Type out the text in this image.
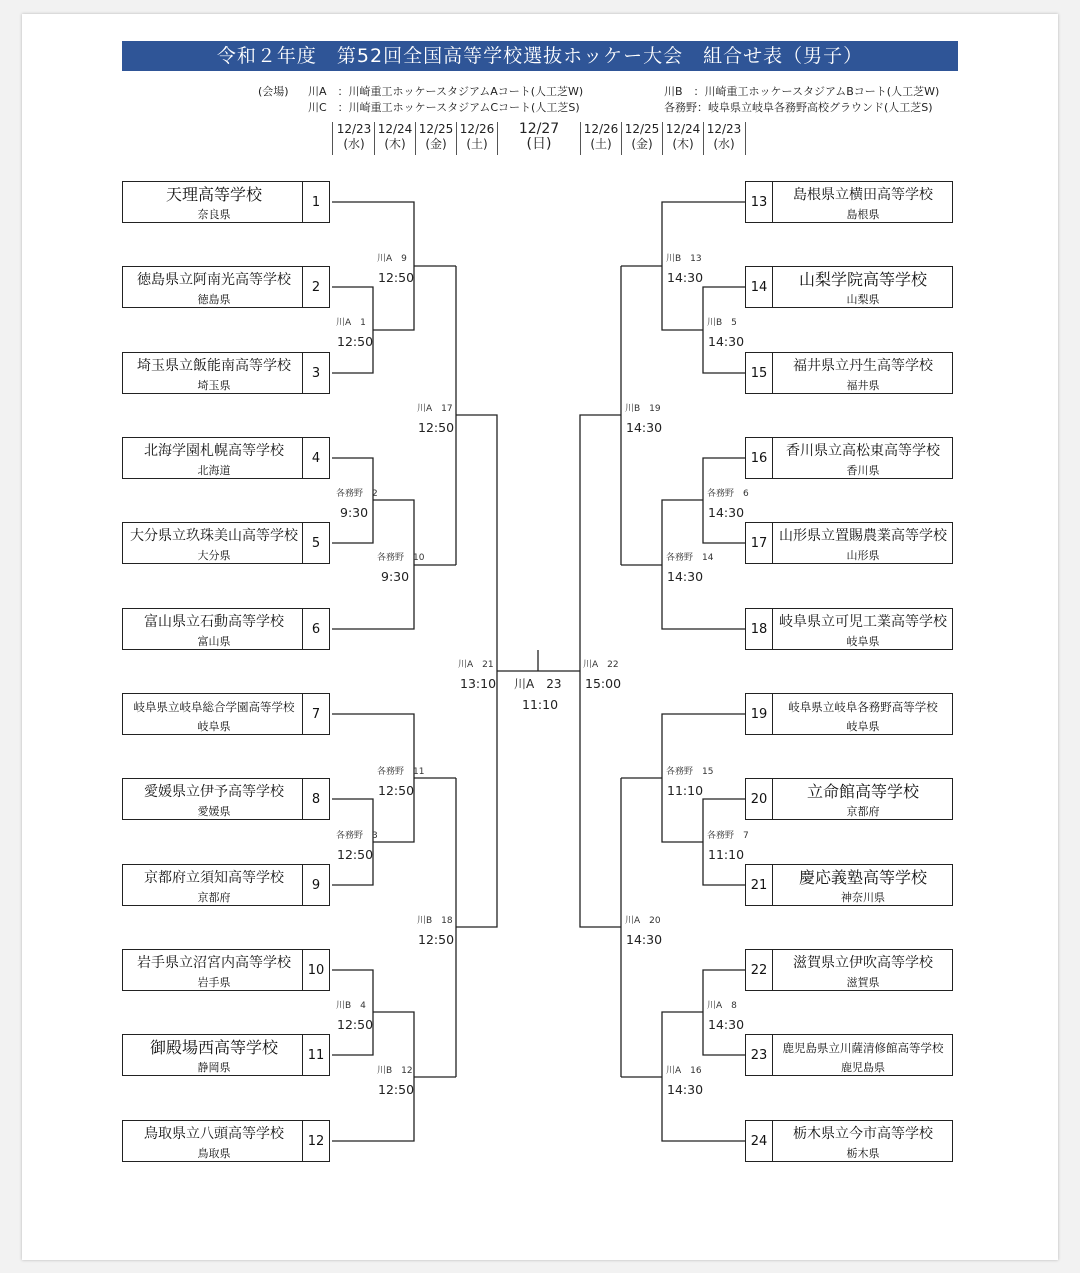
令和２年度　第52回全国高等学校選抜ホッケー大会　組合せ表（男子）
(会場) 川A　：川崎重工ホッケースタジアムAコート(人工芝W)
川C　：川崎重工ホッケースタジアムCコート(人工芝S)
川B　：川崎重工ホッケースタジアムBコート(人工芝W)
各務野：岐阜県立岐阜各務野高校グラウンド(人工芝S)
12/23
(水)
12/24
(木)
12/25
(金)
12/26
(土)
12/27
(日)
12/26
(土)
12/25
(金)
12/24
(木)
12/23
(水)
天理高等学校
奈良県
1
徳島県立阿南光高等学校
徳島県
2
埼玉県立飯能南高等学校
埼玉県
3
北海学園札幌高等学校
北海道
4
大分県立玖珠美山高等学校
大分県
5
富山県立石動高等学校
富山県
6
岐阜県立岐阜総合学園高等学校
岐阜県
7
愛媛県立伊予高等学校
愛媛県
8
京都府立須知高等学校
京都府
9
岩手県立沼宮内高等学校
岩手県
10
御殿場西高等学校
静岡県
11
鳥取県立八頭高等学校
鳥取県
12
13	島根県立横田高等学校
島根県
14	山梨学院高等学校
山梨県
15	福井県立丹生高等学校
福井県
16	香川県立高松東高等学校
香川県
17 山形県立置賜農業高等学校
山形県
18 岐阜県立可児工業高等学校
岐阜県
19	岐阜県立岐阜各務野高等学校
岐阜県
20	立命館高等学校
京都府
21	慶応義塾高等学校
神奈川県
22	滋賀県立伊吹高等学校
滋賀県
23	鹿児島県立川薩清修館高等学校
鹿児島県
24	栃木県立今市高等学校
栃木県
川A　9
12:50
川A　1
12:50
川A　17
12:50
各務野　2
9:30
各務野　10
9:30
川A　21
13:10
各務野　11
12:50
各務野　3
12:50
川B　18
12:50
川B　4
12:50
川B　12
12:50
川A　23
11:10
川B　13
14:30
川B　5
14:30
川B　19
14:30
各務野　6
14:30
各務野　14
14:30
川A　22
15:00
各務野　15
11:10
各務野　7
11:10
川A　20
14:30
川A　8
14:30
川A　16
14:30
